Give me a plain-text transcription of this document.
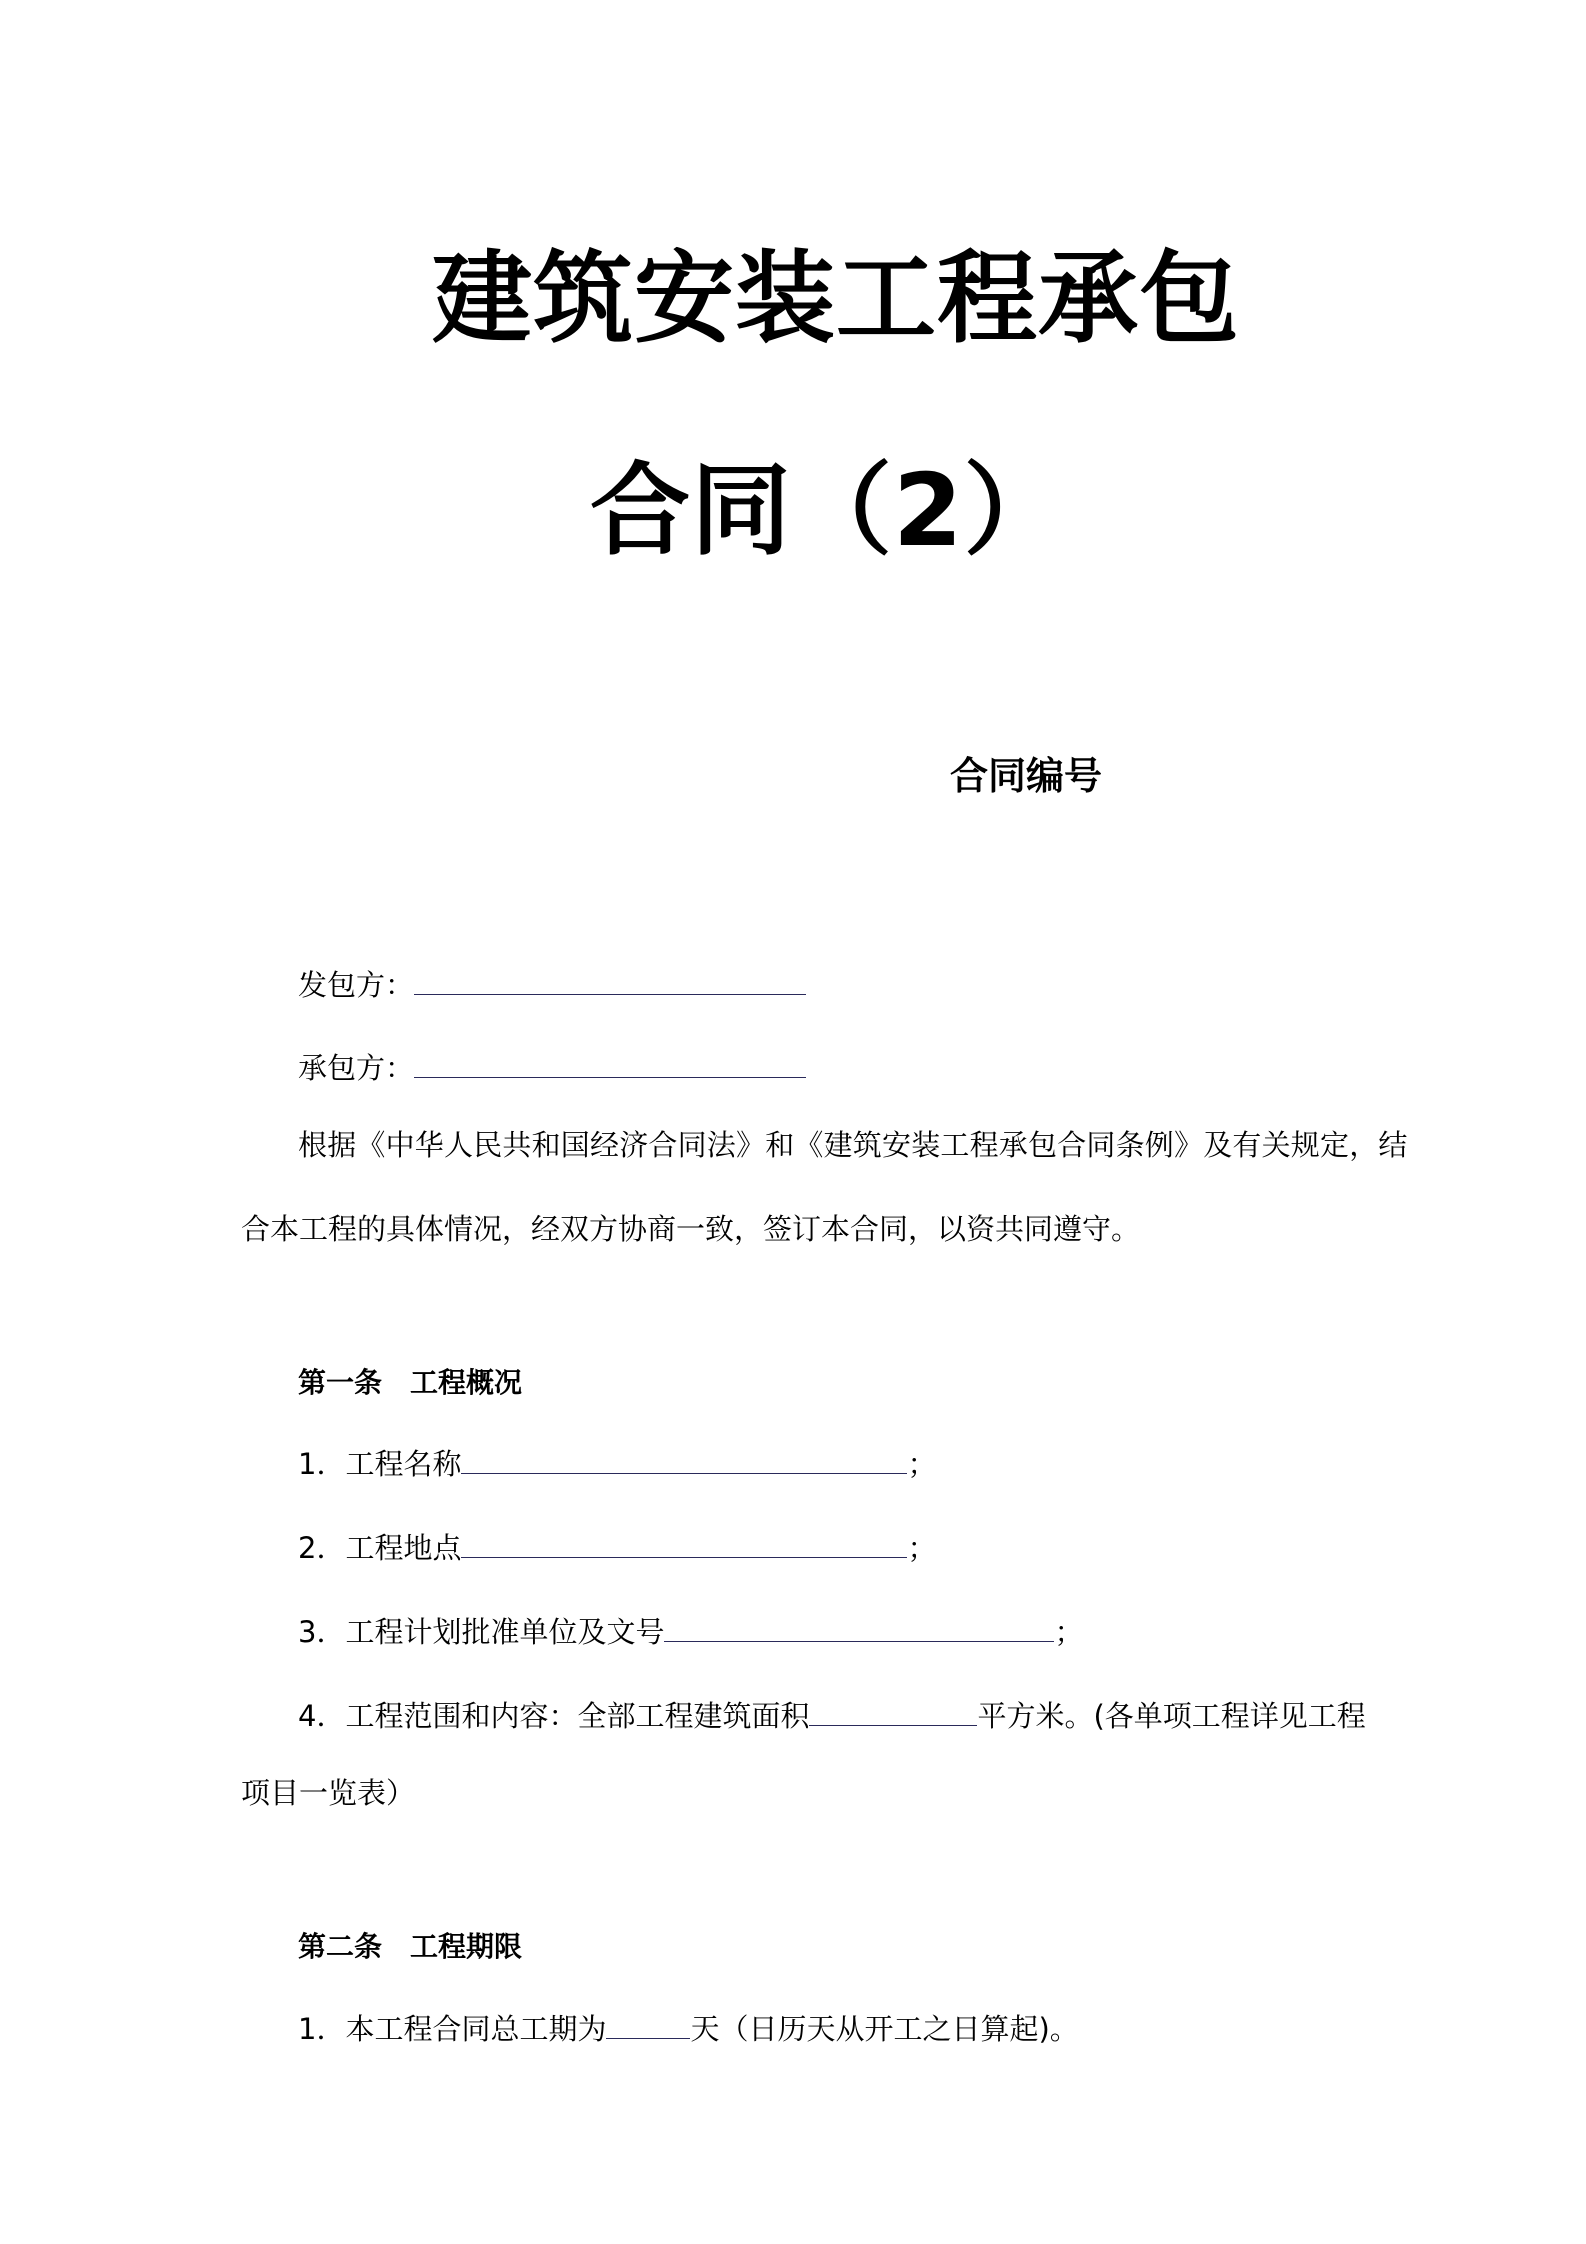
建筑安装工程承包
合同（2）
合同编号
发包方：
承包方：
根据《中华人民共和国经济合同法》和《建筑安装工程承包合同条例》及有关规定，结
合本工程的具体情况，经双方协商一致，签订本合同，以资共同遵守。
第一条　工程概况
1．工程名称	；
2．工程地点	；
3．工程计划批准单位及文号	；
4．工程范围和内容：全部工程建筑面积	平方米。(各单项工程详见工程
项目一览表）
第二条　工程期限
1．本工程合同总工期为	天（日历天从开工之日算起)。
